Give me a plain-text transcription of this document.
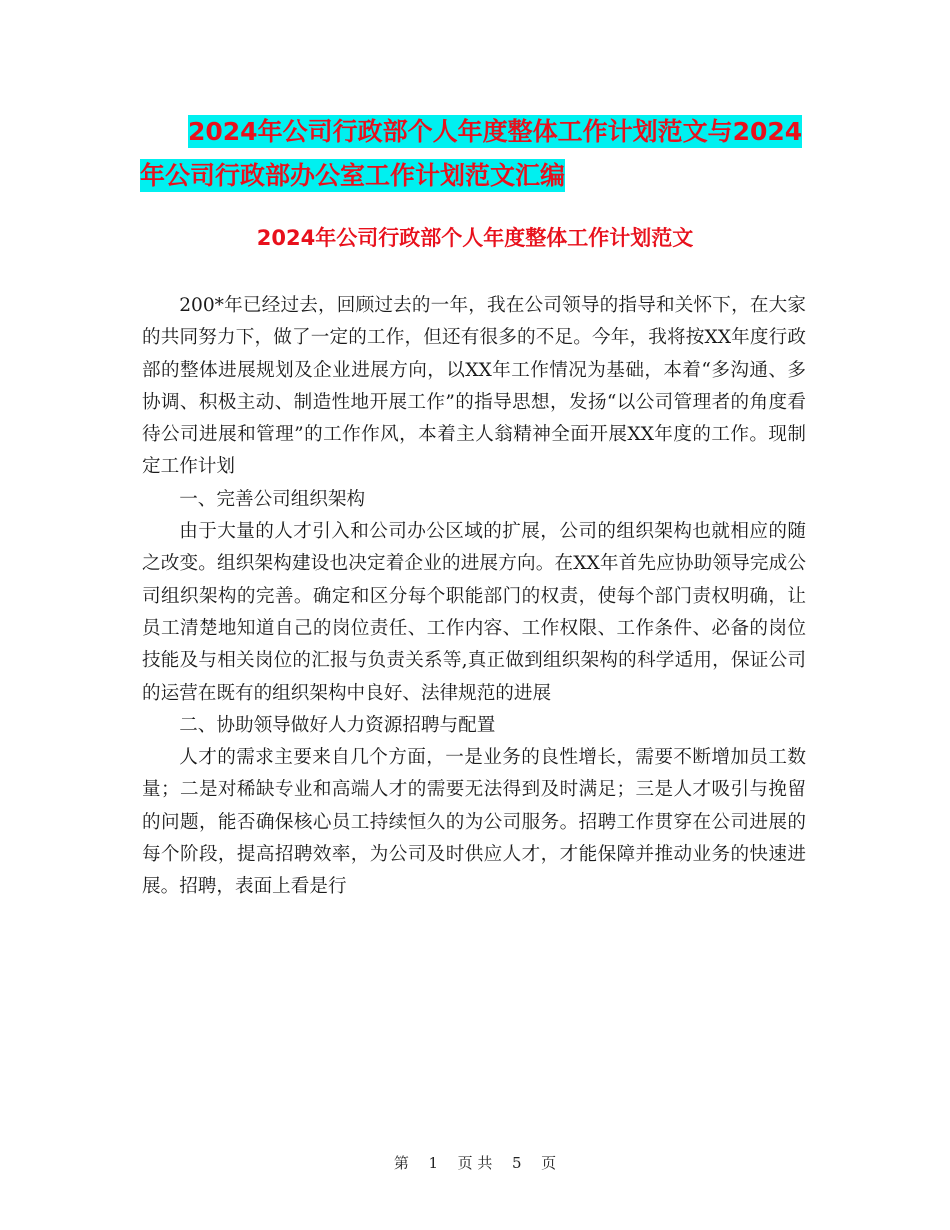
2024年公司行政部个人年度整体工作计划范文与2024
年公司行政部办公室工作计划范文汇编
2024年公司行政部个人年度整体工作计划范文

200*年已经过去，回顾过去的一年，我在公司领导的指导和关怀下，在大家的共同努力下，做了一定的工作，但还有很多的不足。今年，我将按XX年度行政部的整体进展规划及企业进展方向，以XX年工作情况为基础，本着“多沟通、多协调、积极主动、制造性地开展工作”的指导思想，发扬“以公司管理者的角度看待公司进展和管理”的工作作风，本着主人翁精神全面开展XX年度的工作。现制定工作计划

一、完善公司组织架构

由于大量的人才引入和公司办公区域的扩展，公司的组织架构也就相应的随之改变。组织架构建设也决定着企业的进展方向。在XX年首先应协助领导完成公司组织架构的完善。确定和区分每个职能部门的权责，使每个部门责权明确，让员工清楚地知道自己的岗位责任、工作内容、工作权限、工作条件、必备的岗位技能及与相关岗位的汇报与负责关系等,真正做到组织架构的科学适用，保证公司的运营在既有的组织架构中良好、法律规范的进展

二、协助领导做好人力资源招聘与配置

人才的需求主要来自几个方面，一是业务的良性增长，需要不断增加员工数量；二是对稀缺专业和高端人才的需要无法得到及时满足；三是人才吸引与挽留的问题，能否确保核心员工持续恒久的为公司服务。招聘工作贯穿在公司进展的每个阶段，提高招聘效率，为公司及时供应人才，才能保障并推动业务的快速进展。招聘，表面上看是行

第 1 页 共 5 页
